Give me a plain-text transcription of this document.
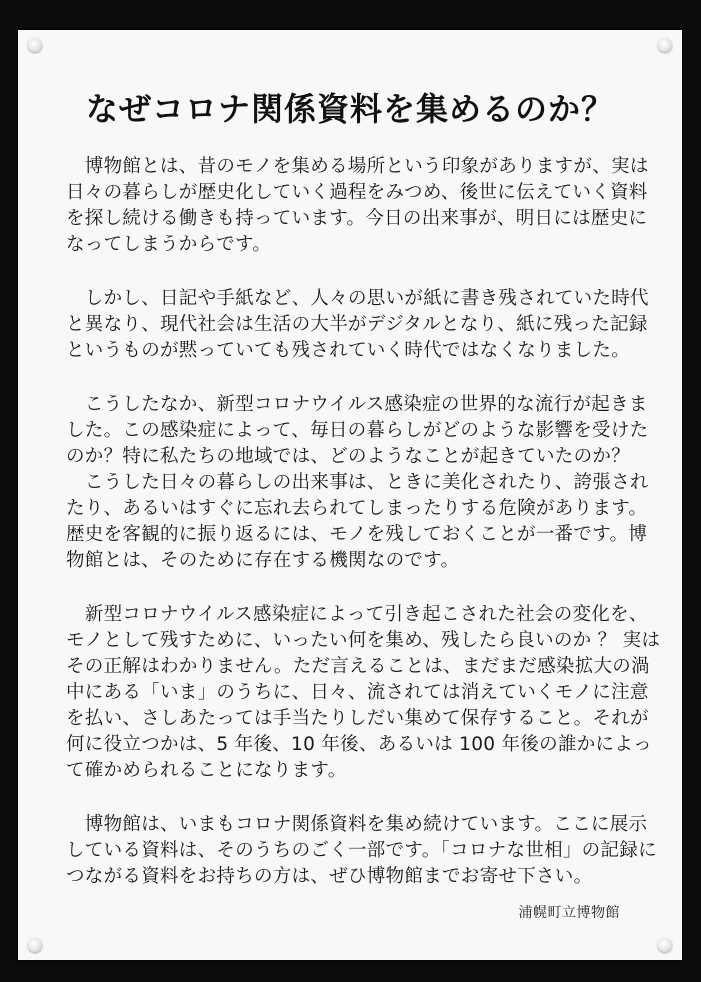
なぜコロナ関係資料を集めるのか？

　博物館とは、昔のモノを集める場所という印象がありますが、実は
日々の暮らしが歴史化していく過程をみつめ、後世に伝えていく資料
を探し続ける働きも持っています。今日の出来事が、明日には歴史に
なってしまうからです。

　しかし、日記や手紙など、人々の思いが紙に書き残されていた時代
と異なり、現代社会は生活の大半がデジタルとなり、紙に残った記録
というものが黙っていても残されていく時代ではなくなりました。

　こうしたなか、新型コロナウイルス感染症の世界的な流行が起きま
した。この感染症によって、毎日の暮らしがどのような影響を受けた
のか？特に私たちの地域では、どのようなことが起きていたのか？
　こうした日々の暮らしの出来事は、ときに美化されたり、誇張され
たり、あるいはすぐに忘れ去られてしまったりする危険があります。
歴史を客観的に振り返るには、モノを残しておくことが一番です。博
物館とは、そのために存在する機関なのです。

　新型コロナウイルス感染症によって引き起こされた社会の変化を、
モノとして残すために、いったい何を集め、残したら良いのか ？ 実は
その正解はわかりません。ただ言えることは、まだまだ感染拡大の渦
中にある「いま」のうちに、日々、流されては消えていくモノに注意
を払い、さしあたっては手当たりしだい集めて保存すること。それが
何に役立つかは、5 年後、10 年後、あるいは 100 年後の誰かによっ
て確かめられることになります。

　博物館は、いまもコロナ関係資料を集め続けています。ここに展示
している資料は、そのうちのごく一部です。「コロナな世相」の記録に
つながる資料をお持ちの方は、ぜひ博物館までお寄せ下さい。

浦幌町立博物館
